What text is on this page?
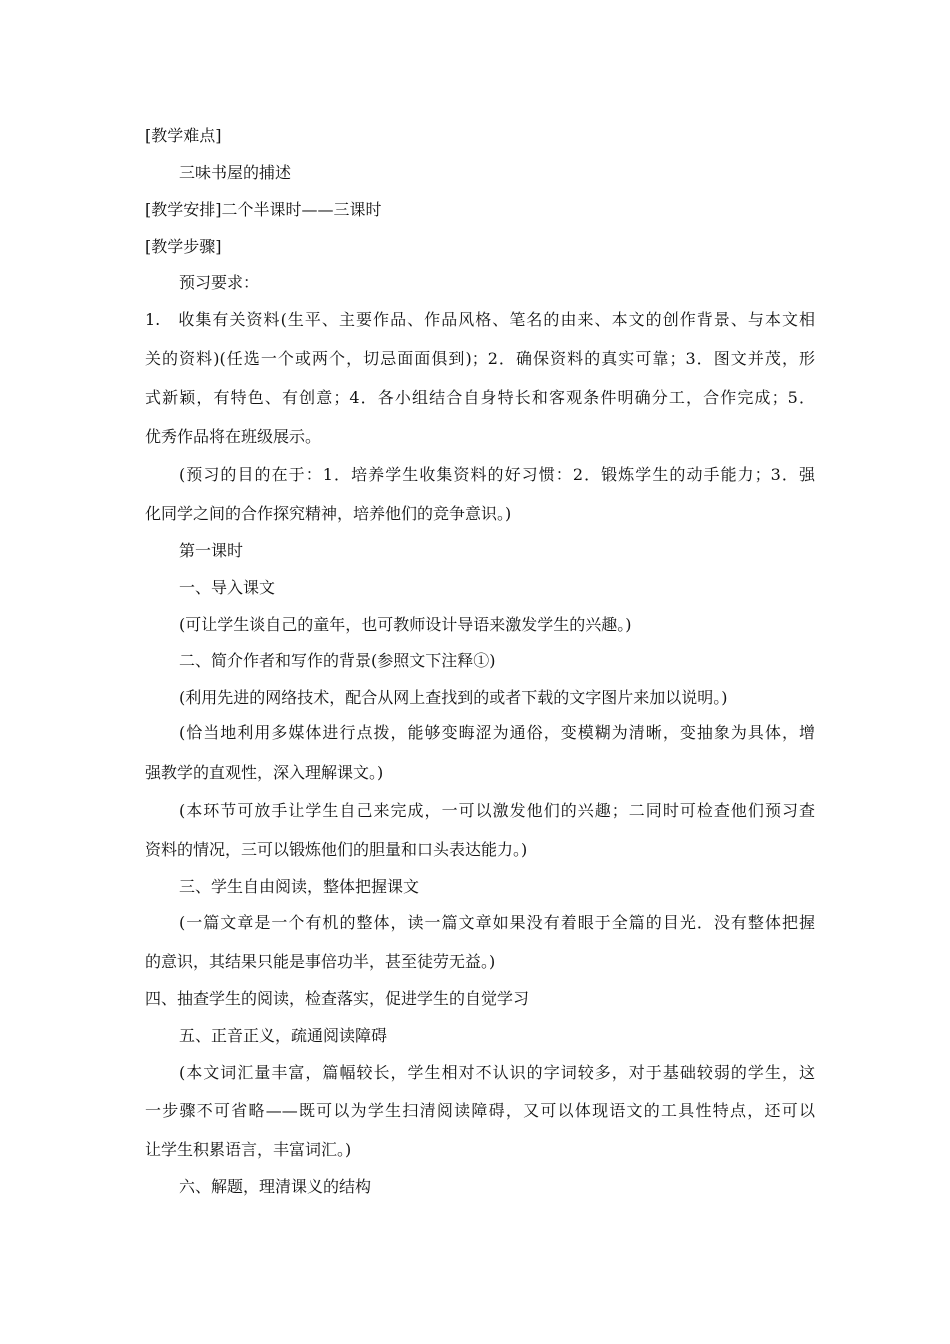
[教学难点]
三味书屋的捕述
[教学安排]二个半课时——三课时
[教学步骤]
预习要求：
1.　收集有关资料(生平、主要作品、作品风格、笔名的由来、本文的创作背景、与本文相
关的资料)(任选一个或两个，切忌面面俱到)；2．确保资料的真实可靠；3．图文并茂，形
式新颖，有特色、有创意；4．各小组结合自身特长和客观条件明确分工，合作完成；5．
优秀作品将在班级展示。
(预习的目的在于：1．培养学生收集资料的好习惯：2．锻炼学生的动手能力；3．强
化同学之间的合作探究精神，培养他们的竞争意识。)
第一课时
一、导入课文
(可让学生谈自己的童年，也可教师设计导语来激发学生的兴趣。)
二、简介作者和写作的背景(参照文下注释①)
(利用先进的网络技术，配合从网上查找到的或者下载的文字图片来加以说明。)
(恰当地利用多媒体进行点拨，能够变晦涩为通俗，变模糊为清晰，变抽象为具体，增
强教学的直观性，深入理解课文。)
(本环节可放手让学生自己来完成，一可以激发他们的兴趣；二同时可检查他们预习查
资料的情况，三可以锻炼他们的胆量和口头表达能力。)
三、学生自由阅读，整体把握课文
(一篇文章是一个有机的整体，读一篇文章如果没有着眼于全篇的目光．没有整体把握
的意识，其结果只能是事倍功半，甚至徒劳无益。)
四、抽查学生的阅读，检查落实，促进学生的自觉学习
五、正音正义，疏通阅读障碍
(本文词汇量丰富，篇幅较长，学生相对不认识的字词较多，对于基础较弱的学生，这
一步骤不可省略——既可以为学生扫清阅读障碍，又可以体现语文的工具性特点，还可以
让学生积累语言，丰富词汇。)
六、解题，理清课义的结构
